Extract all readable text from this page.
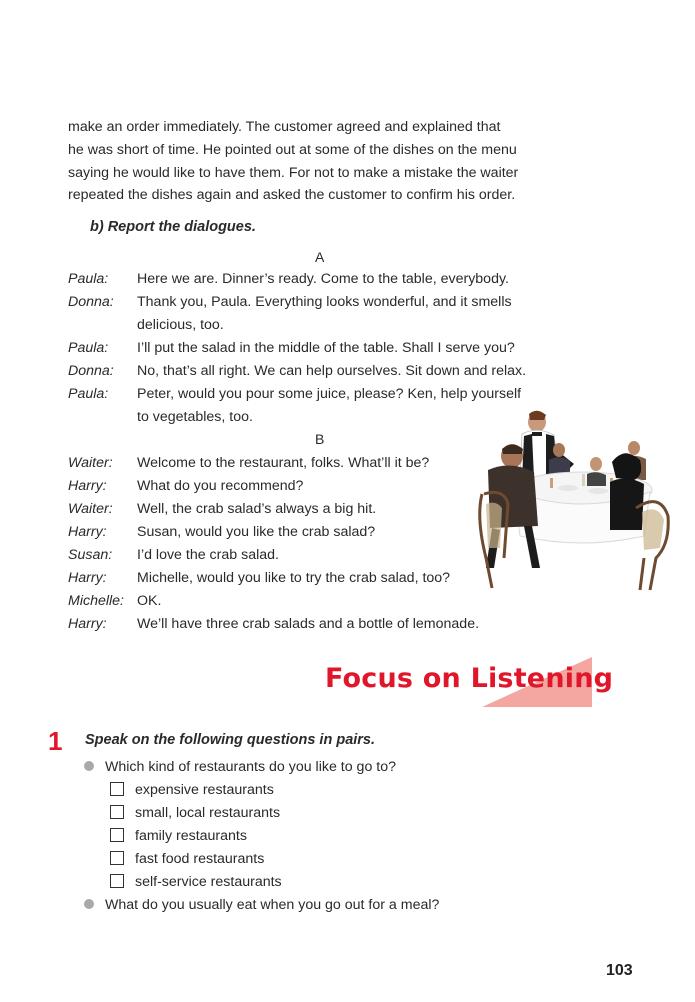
make an order immediately. The customer agreed and explained that
he was short of time. He pointed out at some of the dishes on the menu
saying he would like to have them. For not to make a mistake the waiter
repeated the dishes again and asked the customer to confirm his order.

b) Report the dialogues.

A

Paula: Here we are. Dinner’s ready. Come to the table, everybody.
Donna: Thank you, Paula. Everything looks wonderful, and it smells
delicious, too.
Paula: I’ll put the salad in the middle of the table. Shall I serve you?
Donna: No, that’s all right. We can help ourselves. Sit down and relax.
Paula: Peter, would you pour some juice, please? Ken, help yourself
to vegetables, too.

B

Waiter: Welcome to the restaurant, folks. What’ll it be?
Harry: What do you recommend?
Waiter: Well, the crab salad’s always a big hit.
Harry: Susan, would you like the crab salad?
Susan: I’d love the crab salad.
Harry: Michelle, would you like to try the crab salad, too?
Michelle: OK.
Harry: We’ll have three crab salads and a bottle of lemonade.
Focus on Listening

1 Speak on the following questions in pairs.

Which kind of restaurants do you like to go to?
expensive restaurants
small, local restaurants
family restaurants
fast food restaurants
self-service restaurants
What do you usually eat when you go out for a meal?

103
